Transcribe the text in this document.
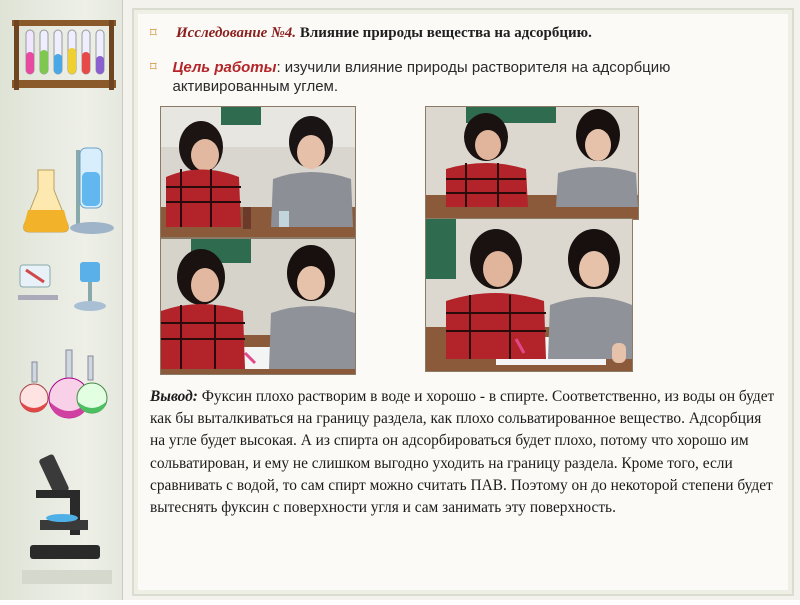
⌑	Исследование №4. Влияние природы вещества на адсорбцию.
⌑	Цель работы: изучили влияние природы растворителя на адсорбцию активированным углем.
Вывод: Фуксин плохо растворим в воде и хорошо - в спирте. Соответственно, из воды он будет как бы выталкиваться на границу раздела, как плохо сольватированное вещество. Адсорбция на угле будет высокая. А из спирта он адсорбироваться будет плохо, потому что хорошо им сольватирован, и ему не слишком выгодно уходить на границу раздела. Кроме того, если сравнивать с водой, то сам спирт можно считать ПАВ. Поэтому он до некоторой степени будет вытеснять фуксин с поверхности угля и сам занимать эту поверхность.
